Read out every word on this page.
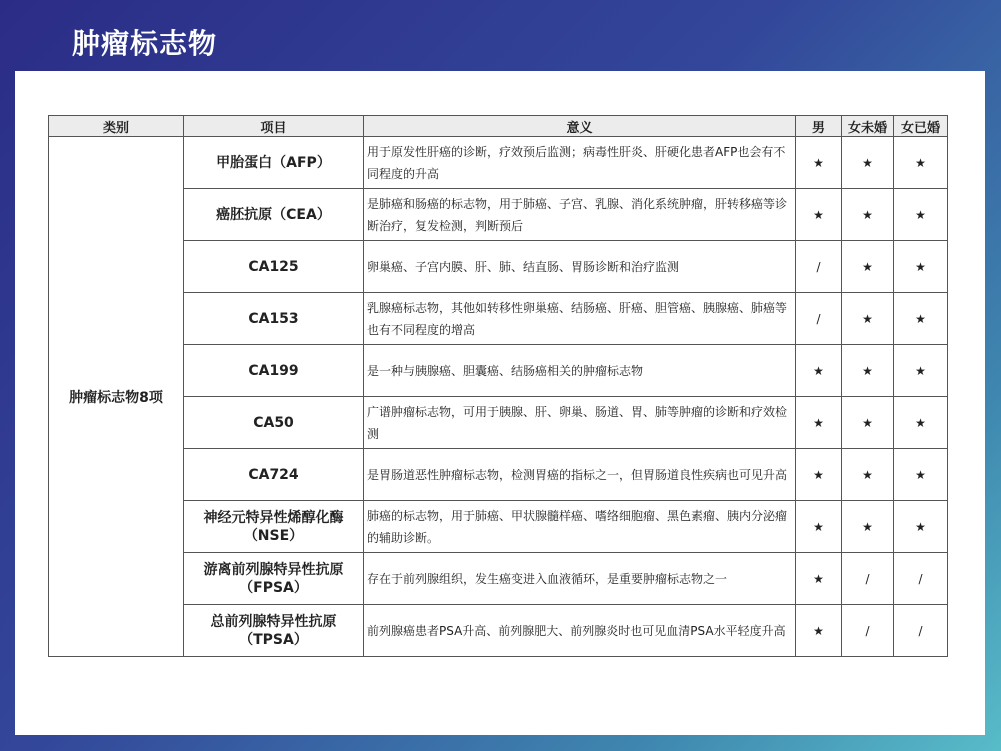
肿瘤标志物
类别	项目	意义	男	女未婚	女已婚
肿瘤标志物8项	甲胎蛋白（AFP）	用于原发性肝癌的诊断，疗效预后监测；病毒性肝炎、肝硬化患者AFP也会有不同程度的升高	★	★	★
	癌胚抗原（CEA）	是肺癌和肠癌的标志物，用于肺癌、子宫、乳腺、消化系统肿瘤，肝转移癌等诊断治疗，复发检测，判断预后	★	★	★
	CA125	卵巢癌、子宫内膜、肝、肺、结直肠、胃肠诊断和治疗监测	/	★	★
	CA153	乳腺癌标志物，其他如转移性卵巢癌、结肠癌、肝癌、胆管癌、胰腺癌、肺癌等也有不同程度的增高	/	★	★
	CA199	是一种与胰腺癌、胆囊癌、结肠癌相关的肿瘤标志物	★	★	★
	CA50	广谱肿瘤标志物，可用于胰腺、肝、卵巢、肠道、胃、肺等肿瘤的诊断和疗效检测	★	★	★
	CA724	是胃肠道恶性肿瘤标志物，检测胃癌的指标之一，但胃肠道良性疾病也可见升高	★	★	★
	神经元特异性烯醇化酶（NSE）	肺癌的标志物，用于肺癌、甲状腺髓样癌、嗜络细胞瘤、黑色素瘤、胰内分泌瘤的辅助诊断。	★	★	★
	游离前列腺特异性抗原（FPSA）	存在于前列腺组织，发生癌变进入血液循环，是重要肿瘤标志物之一	★	/	/
	总前列腺特异性抗原（TPSA）	前列腺癌患者PSA升高、前列腺肥大、前列腺炎时也可见血清PSA水平轻度升高	★	/	/
